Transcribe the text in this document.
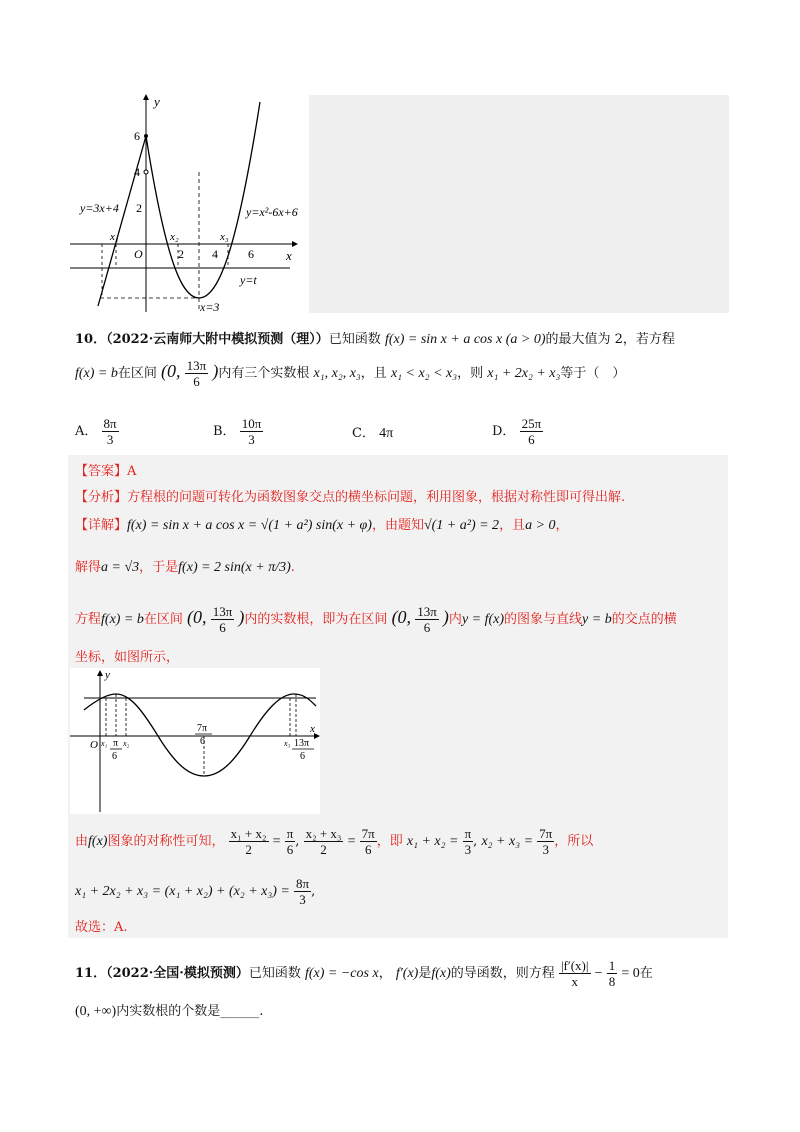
y
x
6
4
2
O	2 4	6
y=3x+4	y=x²-6x+6
y=t
x=3
x₁	x₂	x₃
10．（2022·云南师大附中模拟预测（理））已知函数 f(x) = sin x + a cos x (a > 0)的最大值为 2，若方程
f(x) = b在区间 (0, $\frac{13\pi}{6}$ )内有三个实数根 x₁, x₂, x₃，且 x₁ < x₂ < x₃，则 x₁ + 2x₂ + x₃等于（　）
A． $\frac{8\pi}{3}$	B． $\frac{10\pi}{3}$	C． 4π	D． $\frac{25\pi}{6}$
【答案】A
【分析】方程根的问题可转化为函数图象交点的横坐标问题，利用图象，根据对称性即可得出解.
【详解】f(x) = sin x + a cos x = √(1 + a²) sin(x + φ)，由题知√(1 + a²) = 2，且a > 0，
解得a = √3，于是f(x) = 2 sin(x + π/3).
方程f(x) = b在区间 (0, $\frac{13\pi}{6}$ )内的实数根，即为在区间 (0, $\frac{13\pi}{6}$ )内y = f(x)的图象与直线y = b的交点的横
坐标，如图所示，
y
x
O x₁ x₂
π
6
7π
6	x₃ 13π
6
由f(x)图象的对称性可知， $\frac{\text{x₁ + x₂}}{2} = \frac{\pi}{6}$ , $\frac{\text{x₂ + x₃}}{2} = \frac{7\pi}{6}$ ，即 $x_1 + x_2 = \frac{\pi}{3}$ , $x_2 + x_3 = \frac{7\pi}{3}$ ，所以
$x_1 + 2x_2 + x_3 = (x_1 + x_2) + (x_2 + x_3) = \frac{8\pi}{3}$ ,
故选：A.
11．（2022·全国·模拟预测）已知函数 f(x) = −cos x， f′(x)是f(x)的导函数，则方程 $\frac{|f'(x)|}{x} - \frac{1}{8} = 0$在
(0, +∞)内实数根的个数是______.
